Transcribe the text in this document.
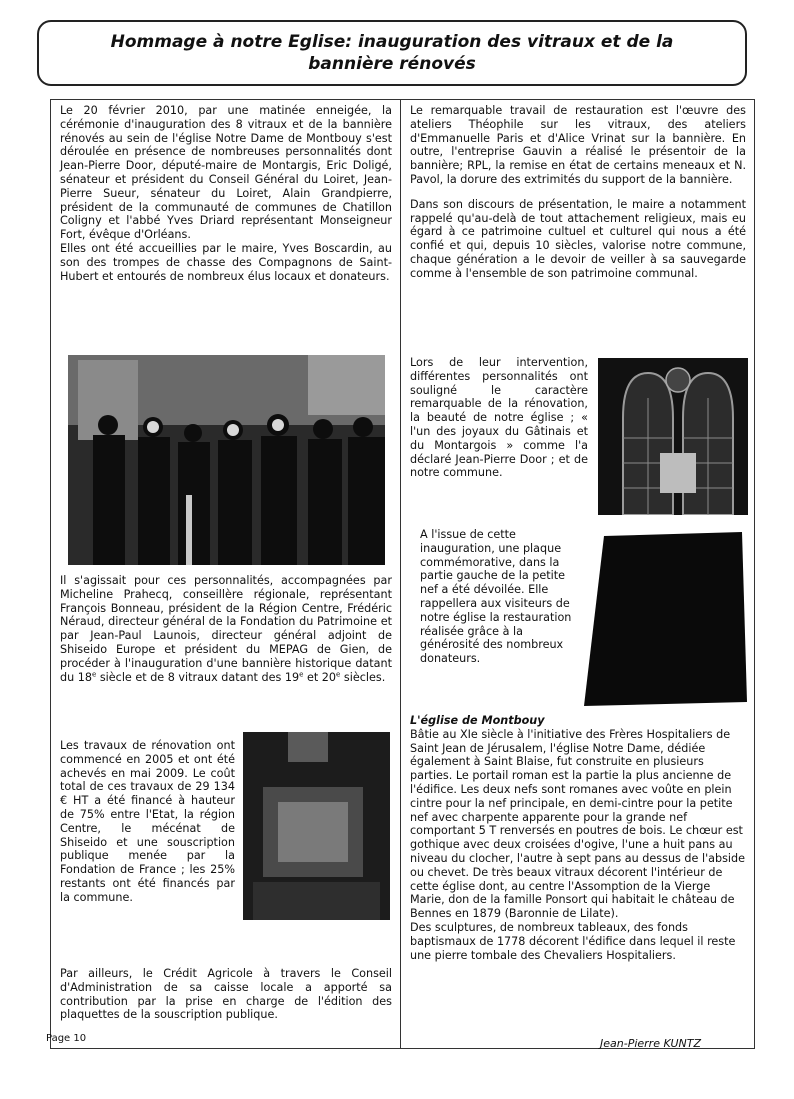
Hommage à notre Eglise: inauguration des vitraux et de la bannière rénovés

Le 20 février 2010, par une matinée enneigée, la cérémonie d'inauguration des 8 vitraux et de la bannière rénovés au sein de l'église Notre Dame de Montbouy s'est déroulée en présence de nombreuses personnalités dont Jean-Pierre Door, député-maire de Montargis, Eric Doligé, sénateur et président du Conseil Général du Loiret, Jean-Pierre Sueur, sénateur du Loiret, Alain Grandpierre, président de la communauté de communes de Chatillon Coligny et l'abbé Yves Driard représentant Monseigneur Fort, évêque d'Orléans.

Elles ont été accueillies par le maire, Yves Boscardin, au son des trompes de chasse des Compagnons de Saint-Hubert et entourés de nombreux élus locaux et donateurs.

Il s'agissait pour ces personnalités, accompagnées par Micheline Prahecq, conseillère régionale, représentant François Bonneau, président de la Région Centre, Frédéric Néraud, directeur général de la Fondation du Patrimoine et par Jean-Paul Launois, directeur général adjoint de Shiseido Europe et président du MEPAG de Gien, de procéder à l'inauguration d'une bannière historique datant du 18e siècle et de 8 vitraux datant des 19e et 20e siècles.

Les travaux de rénovation ont commencé en 2005 et ont été achevés en mai 2009. Le coût total de ces travaux de 29 134 € HT a été financé à hauteur de 75% entre l'Etat, la région Centre, le mécénat de Shiseido et une souscription publique menée par la Fondation de France ; les 25% restants ont été financés par la commune.

Par ailleurs, le Crédit Agricole à travers le Conseil d'Administration de sa caisse locale a apporté sa contribution par la prise en charge de l'édition des plaquettes de la souscription publique.

Le remarquable travail de restauration est l'œuvre des ateliers Théophile sur les vitraux, des ateliers d'Emmanuelle Paris et d'Alice Vrinat sur la bannière. En outre, l'entreprise Gauvin a réalisé le présentoir de la bannière; RPL, la remise en état de certains meneaux et N. Pavol, la dorure des extrimités du support de la bannière.

Dans son discours de présentation, le maire a notamment rappelé qu'au-delà de tout attachement religieux, mais eu égard à ce patrimoine cultuel et culturel qui nous a été confié et qui, depuis 10 siècles, valorise notre commune, chaque génération a le devoir de veiller à sa sauvegarde comme à l'ensemble de son patrimoine communal.

Lors de leur intervention, différentes personnalités ont souligné le caractère remarquable de la rénovation, la beauté de notre église ; « l'un des joyaux du Gâtinais et du Montargois » comme l'a déclaré Jean-Pierre Door ; et de notre commune.

A l'issue de cette inauguration, une plaque commémorative, dans la partie gauche de la petite nef a été dévoilée. Elle rappellera aux visiteurs de notre église la restauration réalisée grâce à la générosité des nombreux donateurs.

L'église de Montbouy

Bâtie au XIe siècle à l'initiative des Frères Hospitaliers de Saint Jean de Jérusalem, l'église Notre Dame, dédiée également à Saint Blaise, fut construite en plusieurs parties. Le portail roman est la partie la plus ancienne de l'édifice. Les deux nefs sont romanes avec voûte en plein cintre pour la nef principale, en demi-cintre pour la petite nef avec charpente apparente pour la grande nef comportant 5 T renversés en poutres de bois. Le chœur est gothique avec deux croisées d'ogive, l'une a huit pans au niveau du clocher, l'autre à sept pans au dessus de l'abside ou chevet. De très beaux vitraux décorent l'intérieur de cette église dont, au centre l'Assomption de la Vierge Marie, don de la famille Ponsort qui habitait le château de Bennes en 1879 (Baronnie de Lilate).

Des sculptures, de nombreux tableaux, des fonds baptismaux de 1778 décorent l'édifice dans lequel il reste une pierre tombale des Chevaliers Hospitaliers.

Page 10	Jean-Pierre KUNTZ
